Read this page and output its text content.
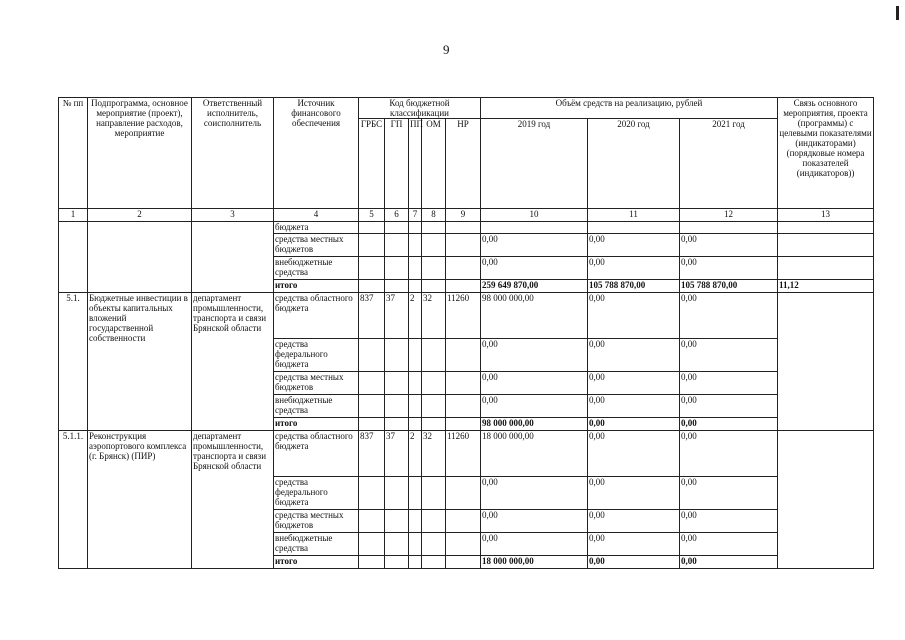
9
№ пп	Подпрограмма, основное мероприятие (проект), направление расходов, мероприятие	Ответственный исполнитель, соисполнитель	Источник финансового обеспечения	Код бюджетной классификации					Объём средств на реализацию, рублей			Связь основного мероприятия, проекта (программы) с целевыми показателями (индикаторами) (порядковые номера показателей (индикаторов))
				ГРБС	ГП	ПП	ОМ	НР	2019 год	2020 год	2021 год	

1	2	3	4	5	6	7	8	9	10	11	12	13
			бюджета									
			средства местных бюджетов						0,00	0,00	0,00	
			внебюджетные средства						0,00	0,00	0,00	
			итого						259 649 870,00	105 788 870,00	105 788 870,00	11,12
5.1.	Бюджетные инвестиции в объекты капитальных вложений государственной собственности	департамент промышленности, транспорта и связи Брянской области	средства областного бюджета	837	37	2	32	11260	98 000 000,00	0,00	0,00	
			средства федерального бюджета						0,00	0,00	0,00	
			средства местных бюджетов						0,00	0,00	0,00	
			внебюджетные средства						0,00	0,00	0,00	
			итого						98 000 000,00	0,00	0,00	
5.1.1.	Реконструкция аэропортового комплекса (г. Брянск) (ПИР)	департамент промышленности, транспорта и связи Брянской области	средства областного бюджета	837	37	2	32	11260	18 000 000,00	0,00	0,00	
			средства федерального бюджета						0,00	0,00	0,00	
			средства местных бюджетов						0,00	0,00	0,00	
			внебюджетные средства						0,00	0,00	0,00	
			итого						18 000 000,00	0,00	0,00	
